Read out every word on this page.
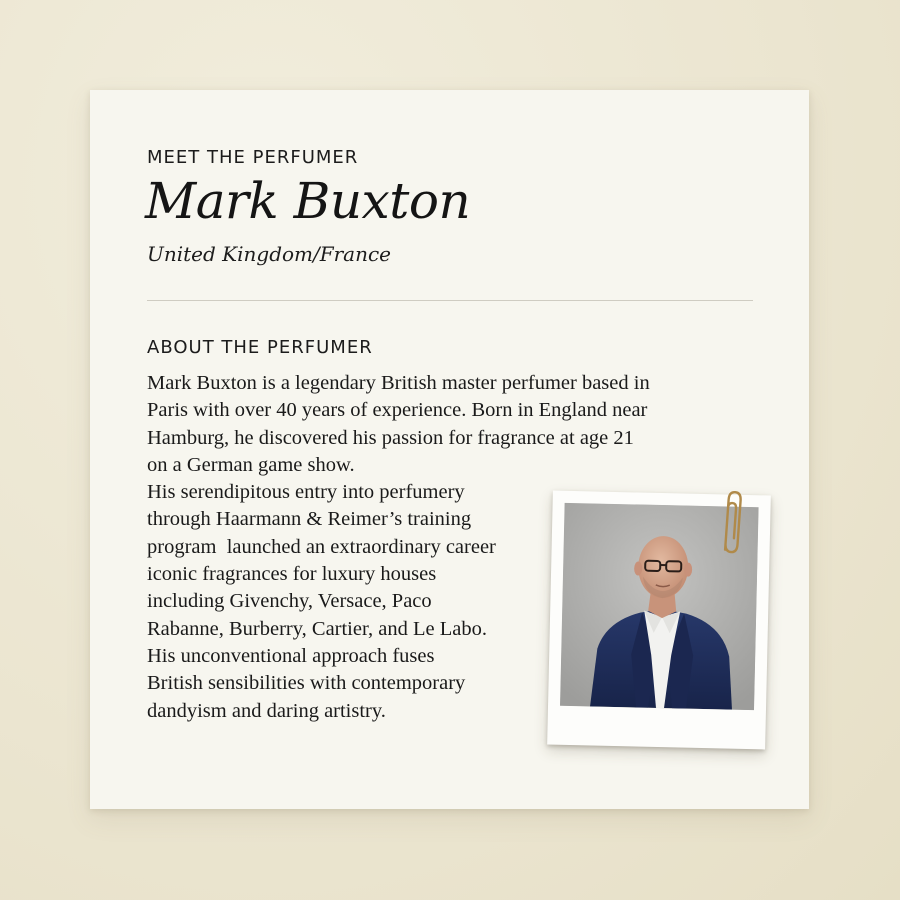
MEET THE PERFUMER
Mark Buxton
United Kingdom/France
ABOUT THE PERFUMER
Mark Buxton is a legendary British master perfumer based in
Paris with over 40 years of experience. Born in England near
Hamburg, he discovered his passion for fragrance at age 21
on a German game show.
His serendipitous entry into perfumery
through Haarmann & Reimer’s training
program  launched an extraordinary career
iconic fragrances for luxury houses
including Givenchy, Versace, Paco
Rabanne, Burberry, Cartier, and Le Labo.
His unconventional approach fuses
British sensibilities with contemporary
dandyism and daring artistry.
